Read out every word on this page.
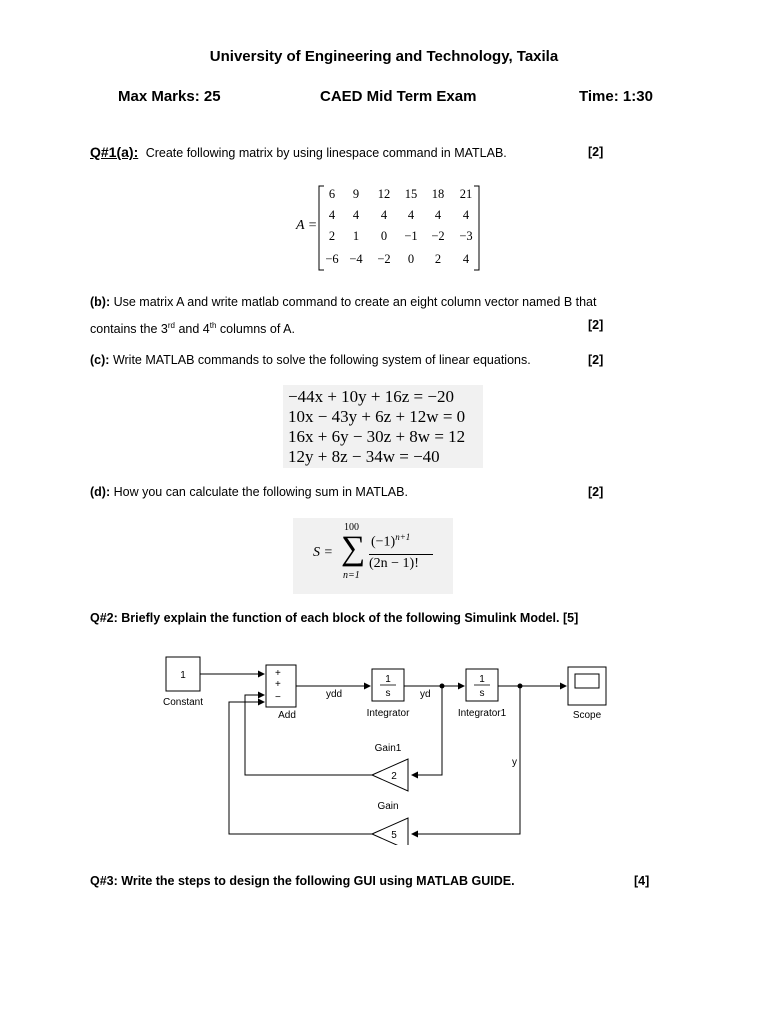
University of Engineering and Technology, Taxila
Max Marks: 25	CAED Mid Term Exam	Time: 1:30
Q#1(a): Create following matrix by using linespace command in MATLAB.	[2]
A =
6 9 12 15 18 21
4 4 4 4 4 4
2 1 0 −1 −2 −3
−6 −4 −2 0 2 4
(b): Use matrix A and write matlab command to create an eight column vector named B that
contains the 3rd and 4th columns of A.	[2]
(c): Write MATLAB commands to solve the following system of linear equations.	[2]
−44x + 10y + 16z = −20
10x − 43y + 6z + 12w = 0
16x + 6y − 30z + 8w = 12
12y + 8z − 34w = −40
(d): How you can calculate the following sum in MATLAB.	[2]
S =
100
∑
n=1
$(-1)^{n+1}$
(2n − 1)!
Q#2: Briefly explain the function of each block of the following Simulink Model. [5]
1
Constant
+
+
−
Add
1
s
Integrator
1
s
Integrator1	Scope
ydd	yd
y
2
Gain1
5
Gain
Q#3: Write the steps to design the following GUI using MATLAB GUIDE.	[4]
